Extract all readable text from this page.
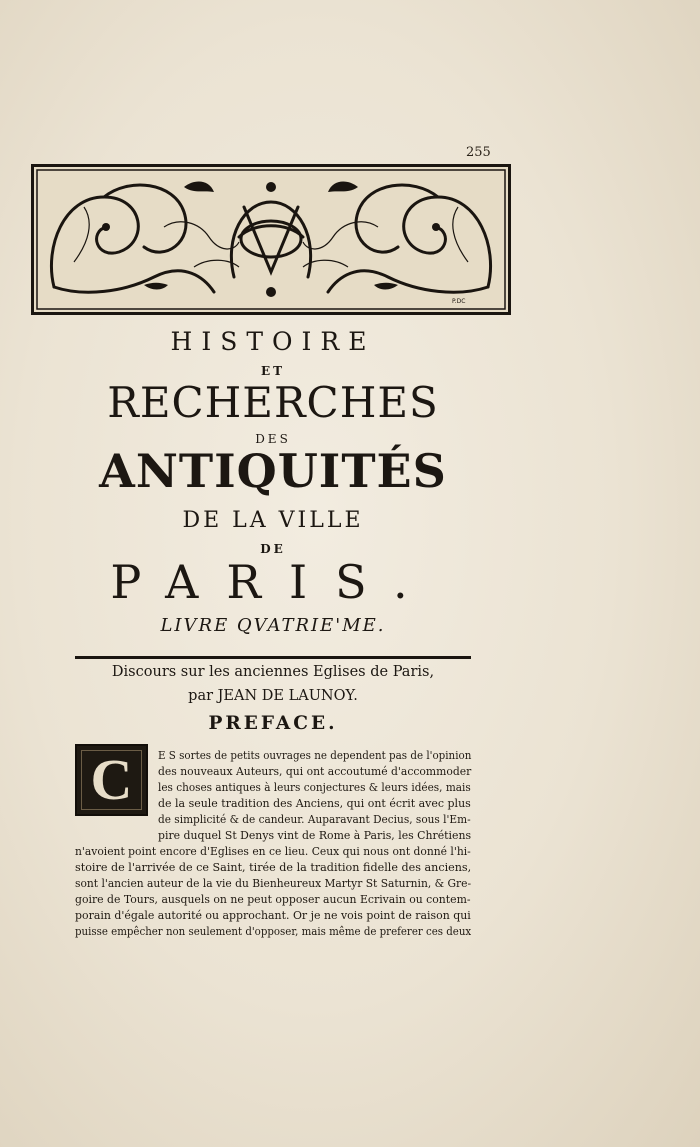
255
P.DC
HISTOIRE
ET
RECHERCHES
DES
ANTIQUITÉS
DE LA VILLE
DE
PARIS.
LIVRE QVATRIE'ME.
Discours sur les anciennes Eglises de Paris,
par JEAN DE LAUNOY.
PREFACE.
C E S sortes de petits ouvrages ne dependent pas de l'opinion
des nouveaux Auteurs, qui ont accoutumé d'accommoder
les choses antiques à leurs conjectures & leurs idées, mais
de la seule tradition des Anciens, qui ont écrit avec plus
de simplicité & de candeur. Auparavant Decius, sous l'Em-
pire duquel St Denys vint de Rome à Paris, les Chrétiens
n'avoient point encore d'Eglises en ce lieu. Ceux qui nous ont donné l'hi-
stoire de l'arrivée de ce Saint, tirée de la tradition fidelle des anciens,
sont l'ancien auteur de la vie du Bienheureux Martyr St Saturnin, & Gre-
goire de Tours, ausquels on ne peut opposer aucun Ecrivain ou contem-
porain d'égale autorité ou approchant. Or je ne vois point de raison qui
puisse empêcher non seulement d'opposer, mais même de preferer ces deux
